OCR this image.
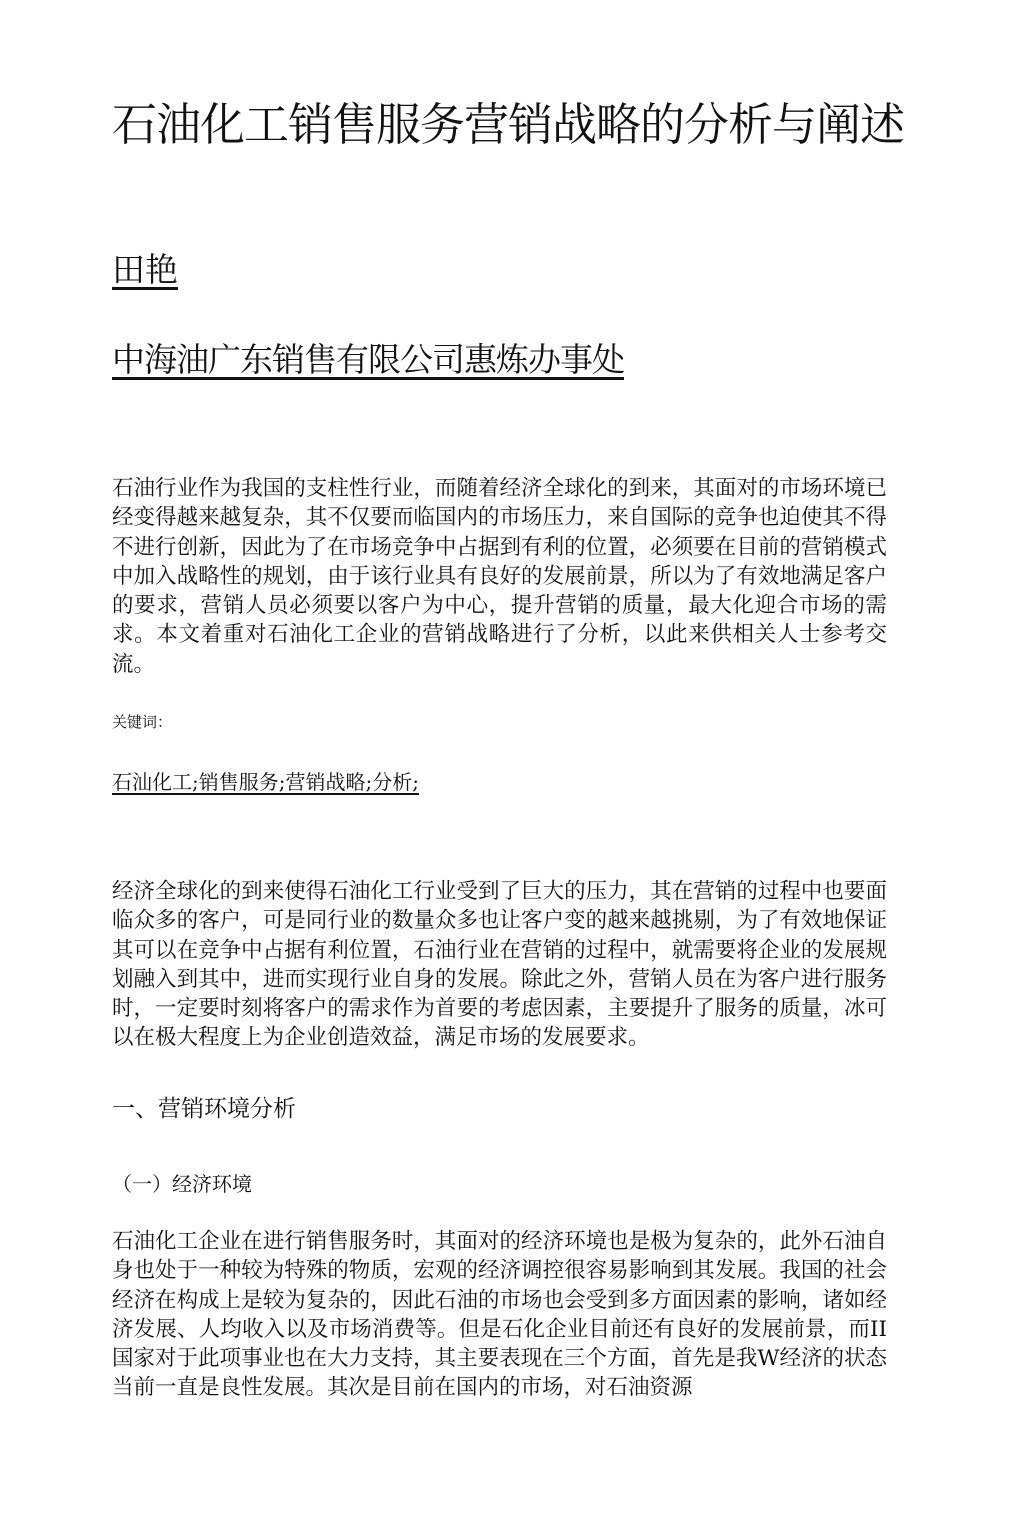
石油化工销售服务营销战略的分析与阐述
田艳
中海油广东销售有限公司惠炼办事处

石油行业作为我国的支柱性行业，而随着经济全球化的到来，其面对的市场环境已经变得越来越复杂，其不仅要而临国内的市场压力，来自国际的竞争也迫使其不得不进行创新，因此为了在市场竞争中占据到有利的位置，必须要在目前的营销模式中加入战略性的规划，由于该行业具有良好的发展前景，所以为了有效地满足客户的要求，营销人员必须要以客户为中心，提升营销的质量，最大化迎合市场的需求。本文着重对石油化工企业的营销战略进行了分析，以此来供相关人士参考交流。

关键词：

石汕化工;销售服务;营销战略;分析;

经济全球化的到来使得石油化工行业受到了巨大的压力，其在营销的过程中也要面临众多的客户，可是同行业的数量众多也让客户变的越来越挑剔，为了有效地保证其可以在竞争中占据有利位置，石油行业在营销的过程中，就需要将企业的发展规划融入到其中，进而实现行业自身的发展。除此之外，营销人员在为客户进行服务时，一定要时刻将客户的需求作为首要的考虑因素，主要提升了服务的质量，冰可以在极大程度上为企业创造效益，满足市场的发展要求。

一、营销环境分析
（一）经济环境

石油化工企业在进行销售服务时，其面对的经济环境也是极为复杂的，此外石油自身也处于一种较为特殊的物质，宏观的经济调控很容易影响到其发展。我国的社会经济在构成上是较为复杂的，因此石油的市场也会受到多方面因素的影响，诸如经济发展、人均收入以及市场消费等。但是石化企业目前还有良好的发展前景，而II国家对于此项事业也在大力支持，其主要表现在三个方面，首先是我W经济的状态当前一直是良性发展。其次是目前在国内的市场，对石油资源
